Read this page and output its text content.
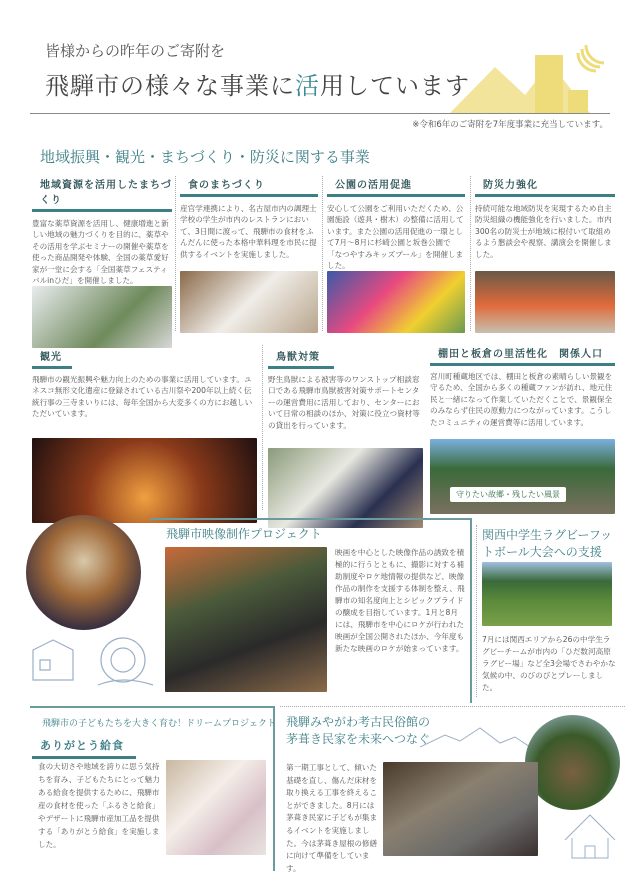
皆様からの昨年のご寄附を
飛騨市の様々な事業に活用しています
※令和6年のご寄附を7年度事業に充当しています。
地域振興・観光・まちづくり・防災に関する事業
地域資源を活用したまちづくり
豊富な薬草資源を活用し、健康増進と新しい地域の魅力づくりを目的に、薬草やその活用を学ぶセミナーの開催や薬草を使った商品開発や体験、全国の薬草愛好家が一堂に会する「全国薬草フェスティバルinひだ」を開催しました。
食のまちづくり
産官学連携により、名古屋市内の調理士学校の学生が市内のレストランにおいて、3日間に渡って、飛騨市の食材をふんだんに使った本格中華料理を市民に提供するイベントを実施しました。
公園の活用促進
安心して公園をご利用いただくため、公園施設（遊具・樹木）の整備に活用しています。また公園の活用促進の一環として7月～8月に杉崎公園と坂巻公園で「なつやすみキッズプール」を開催しました。
防災力強化
持続可能な地域防災を実現するため自主防災組織の機能強化を行いました。市内300名の防災士が地域に根付いて取組めるよう懇談会や視察、講演会を開催しました。
観光
飛騨市の観光振興や魅力向上のための事業に活用しています。ユネスコ無形文化遺産に登録されている古川祭や200年以上続く伝統行事の三寺まいりには、毎年全国から大変多くの方にお越しいただいています。
鳥獣対策
野生鳥獣による被害等のワンストップ相談窓口である飛騨市鳥獣被害対策サポートセンターの運営費用に活用しており、センターにおいて日常の相談のほか、対策に役立つ資材等の貸出を行っています。
棚田と板倉の里活性化　関係人口
宮川町種蔵地区では、棚田と板倉の素晴らしい景観を守るため、全国から多くの種蔵ファンが訪れ、地元住民と一緒になって作業していただくことで、景観保全のみならず住民の原動力につながっています。こうしたコミュニティの運営費等に活用しています。
守りたい故郷・残したい風景
飛騨市映像制作プロジェクト
映画を中心とした映像作品の誘致を積極的に行うとともに、撮影に対する補助制度やロケ地情報の提供など、映像作品の制作を支援する体制を整え、飛騨市の知名度向上とシビックプライドの醸成を目指しています。1月と8月には、飛騨市を中心にロケが行われた映画が全国公開されたほか、今年度も新たな映画のロケが始まっています。
関西中学生ラグビーフットボール大会への支援
7月には関西エリアから26の中学生ラグビーチームが市内の「ひだ数河高原ラグビー場」など全3会場でさわやかな気候の中、のびのびとプレーしました。
飛騨市の子どもたちを大きく育む！ドリームプロジェクト
ありがとう給食
食の大切さや地域を誇りに思う気持ちを育み、子どもたちにとって魅力ある給食を提供するために、飛騨市産の食材を使った「ふるさと給食」やデザートに飛騨市産加工品を提供する「ありがとう給食」を実施しました。
飛騨みやがわ考古民俗館の
茅葺き民家を未来へつなぐ
第一期工事として、傾いた基礎を直し、傷んだ床材を取り換える工事を終えることができました。8月には茅葺き民家に子どもが集まるイベントを実施しました。今は茅葺き屋根の修繕に向けて準備をしています。
